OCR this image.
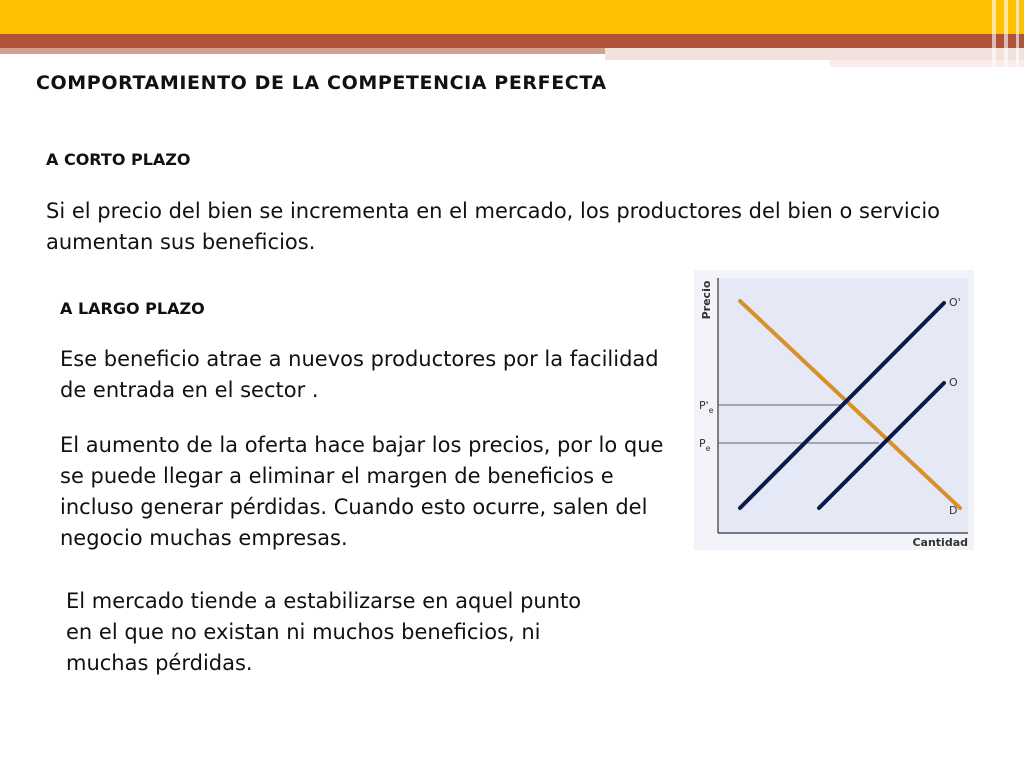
COMPORTAMIENTO DE LA COMPETENCIA PERFECTA
A CORTO PLAZO

Si el precio del bien se incrementa en el mercado, los productores del bien o servicio aumentan sus beneficios.

A LARGO PLAZO

Ese beneficio atrae a nuevos productores por la facilidad de entrada en el sector .

El aumento de la oferta hace bajar los precios, por lo que se puede llegar a eliminar el margen de beneficios e incluso generar pérdidas. Cuando esto ocurre, salen del negocio muchas empresas.

El mercado tiende a estabilizarse en aquel punto en el que no existan ni muchos beneficios, ni muchas pérdidas.

Precio
Cantidad
$P'_e$
$P_e$
O'
O
D
